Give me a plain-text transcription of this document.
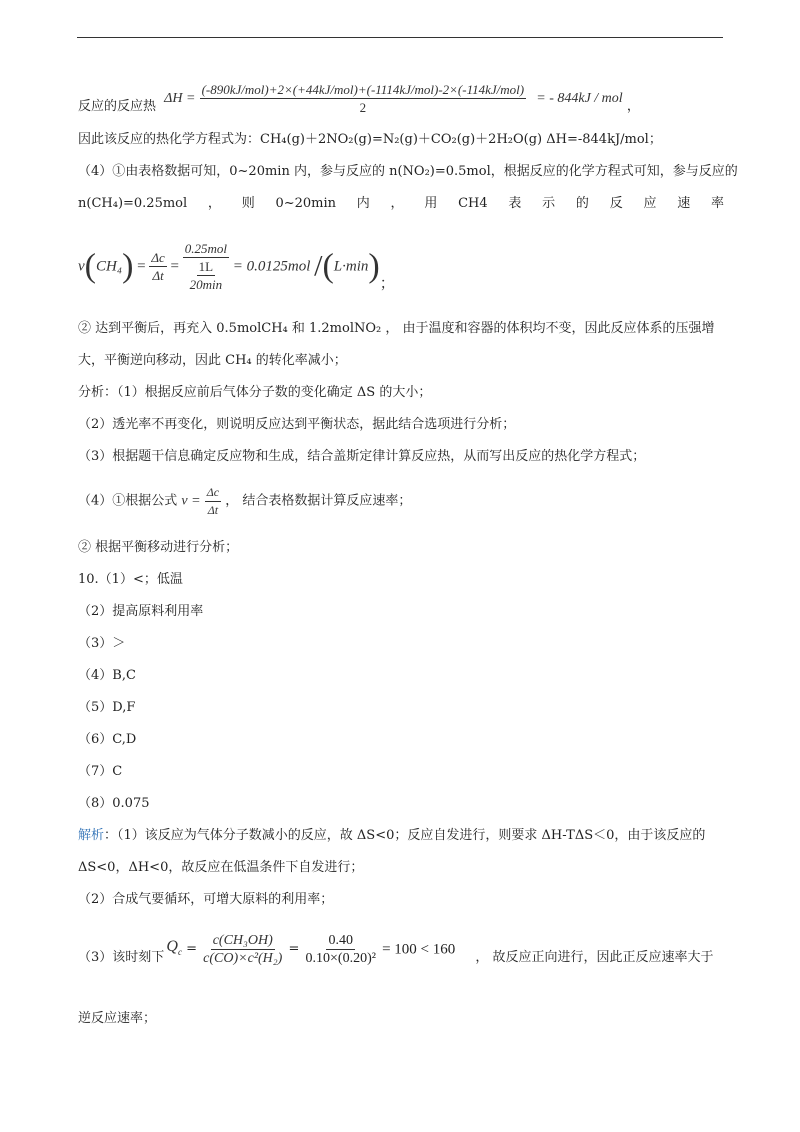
反应的反应热 $\Delta H = \frac{\text{(-890kJ/mol)+2×(+44kJ/mol)+(-1114kJ/mol)-2×(-114kJ/mol)}}{2}$ = - 844kJ / mol ，
因此该反应的热化学方程式为：CH₄(g)＋2NO₂(g)=N₂(g)＋CO₂(g)＋2H₂O(g) ΔH=-844kJ/mol；
（4）①由表格数据可知，0~20min 内，参与反应的 n(NO₂)=0.5mol，根据反应的化学方程式可知，参与反应的
n(CH₄)=0.25mol ， 则 0~20min 内 ， 用 CH4 表 示 的 反 应 速 率
$v(CH_4) = \frac{\Delta c}{\Delta t}$ =
0.25mol
1L
20min
= 0.0125mol /(L·min)；
② 达到平衡后，再充入 0.5molCH₄ 和 1.2molNO₂ ， 由于温度和容器的体积均不变，因此反应体系的压强增
大，平衡逆向移动，因此 CH₄ 的转化率减小；
分析：（1）根据反应前后气体分子数的变化确定 ΔS 的大小；
（2）透光率不再变化，则说明反应达到平衡状态，据此结合选项进行分析；
（3）根据题干信息确定反应物和生成，结合盖斯定律计算反应热，从而写出反应的热化学方程式；
（4）①根据公式 $v = \frac{\Delta c}{\Delta t}$ ， 结合表格数据计算反应速率；
② 根据平衡移动进行分析；
10.（1）<；低温
（2）提高原料利用率
（3）＞
（4）B,C
（5）D,F
（6）C,D
（7）C
（8）0.075
解析：（1）该反应为气体分子数减小的反应，故 ΔS<0；反应自发进行，则要求 ΔH-TΔS＜0，由于该反应的
ΔS<0，ΔH<0，故反应在低温条件下自发进行；
（2）合成气要循环，可增大原料的利用率；
（3）该时刻下 $Q_c = \frac{\text{c(CH₃OH)}}{\text{c(CO)×c²(H₂)}} = \frac{0.40}{\text{0.10×(0.20)²}} = 100 < 160$ ， 故反应正向进行，因此正反应速率大于
逆反应速率；
